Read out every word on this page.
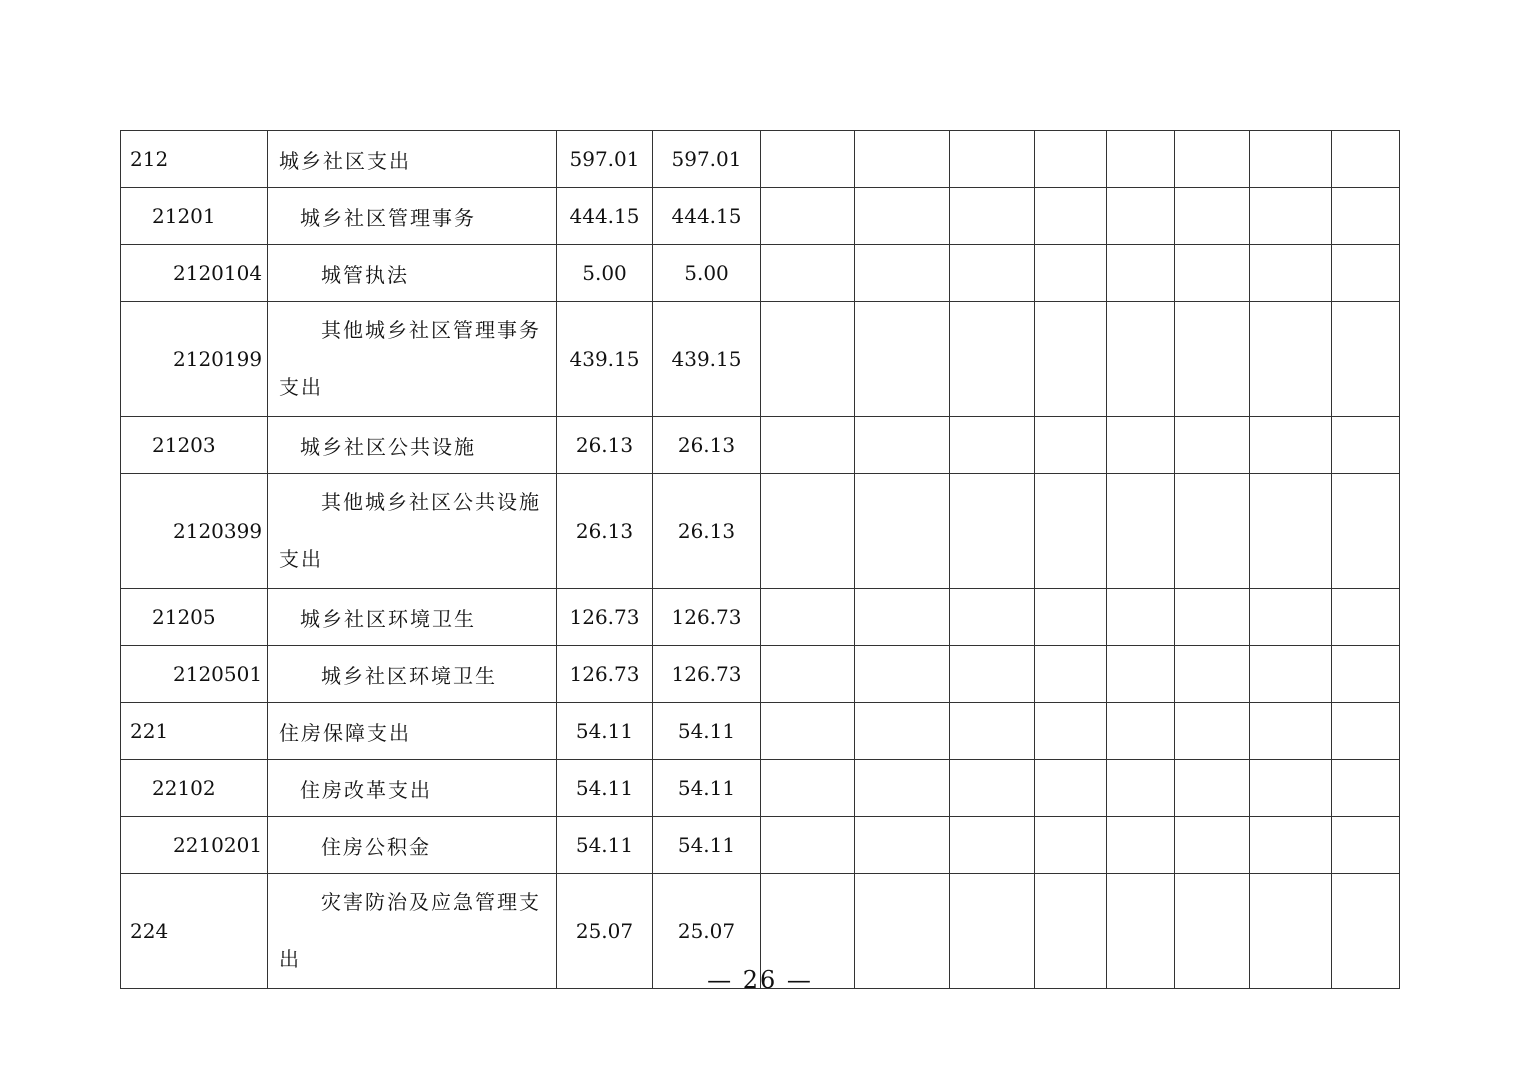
212	城乡社区支出	597.01	597.01								
21201	城乡社区管理事务	444.15	444.15								
2120104	城管执法	5.00	5.00								
2120199	其他城乡社区管理事务支出	439.15	439.15								
21203	城乡社区公共设施	26.13	26.13								
2120399	其他城乡社区公共设施支出	26.13	26.13								
21205	城乡社区环境卫生	126.73	126.73								
2120501	城乡社区环境卫生	126.73	126.73								
221	住房保障支出	54.11	54.11								
22102	住房改革支出	54.11	54.11								
2210201	住房公积金	54.11	54.11								
224	灾害防治及应急管理支出	25.07	25.07								
— 26 —
